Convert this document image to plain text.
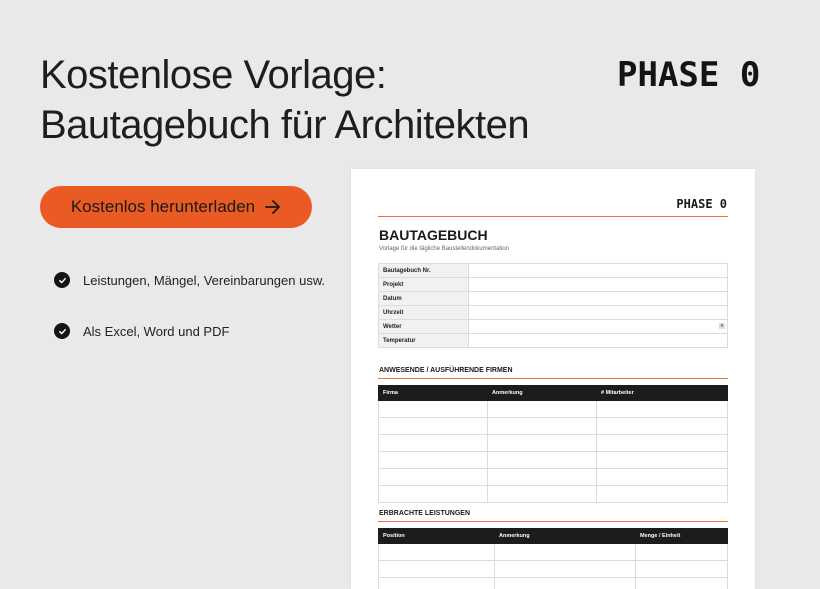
Kostenlose Vorlage:
Bautagebuch für Architekten
PHASE 0
Kostenlos herunterladen
Leistungen, Mängel, Vereinbarungen usw.
Als Excel, Word und PDF
PHASE 0
BAUTAGEBUCH
Vorlage für die tägliche Baustellendokumentation
Bautagebuch Nr.	
Projekt	
Datum	
Uhrzeit	
Wetter	▾

Temperatur	
ANWESENDE / AUSFÜHRENDE FIRMEN
Firma	Anmerkung	# Mitarbeiter

ERBRACHTE LEISTUNGEN
Position	Anmerkung	Menge / Einheit
